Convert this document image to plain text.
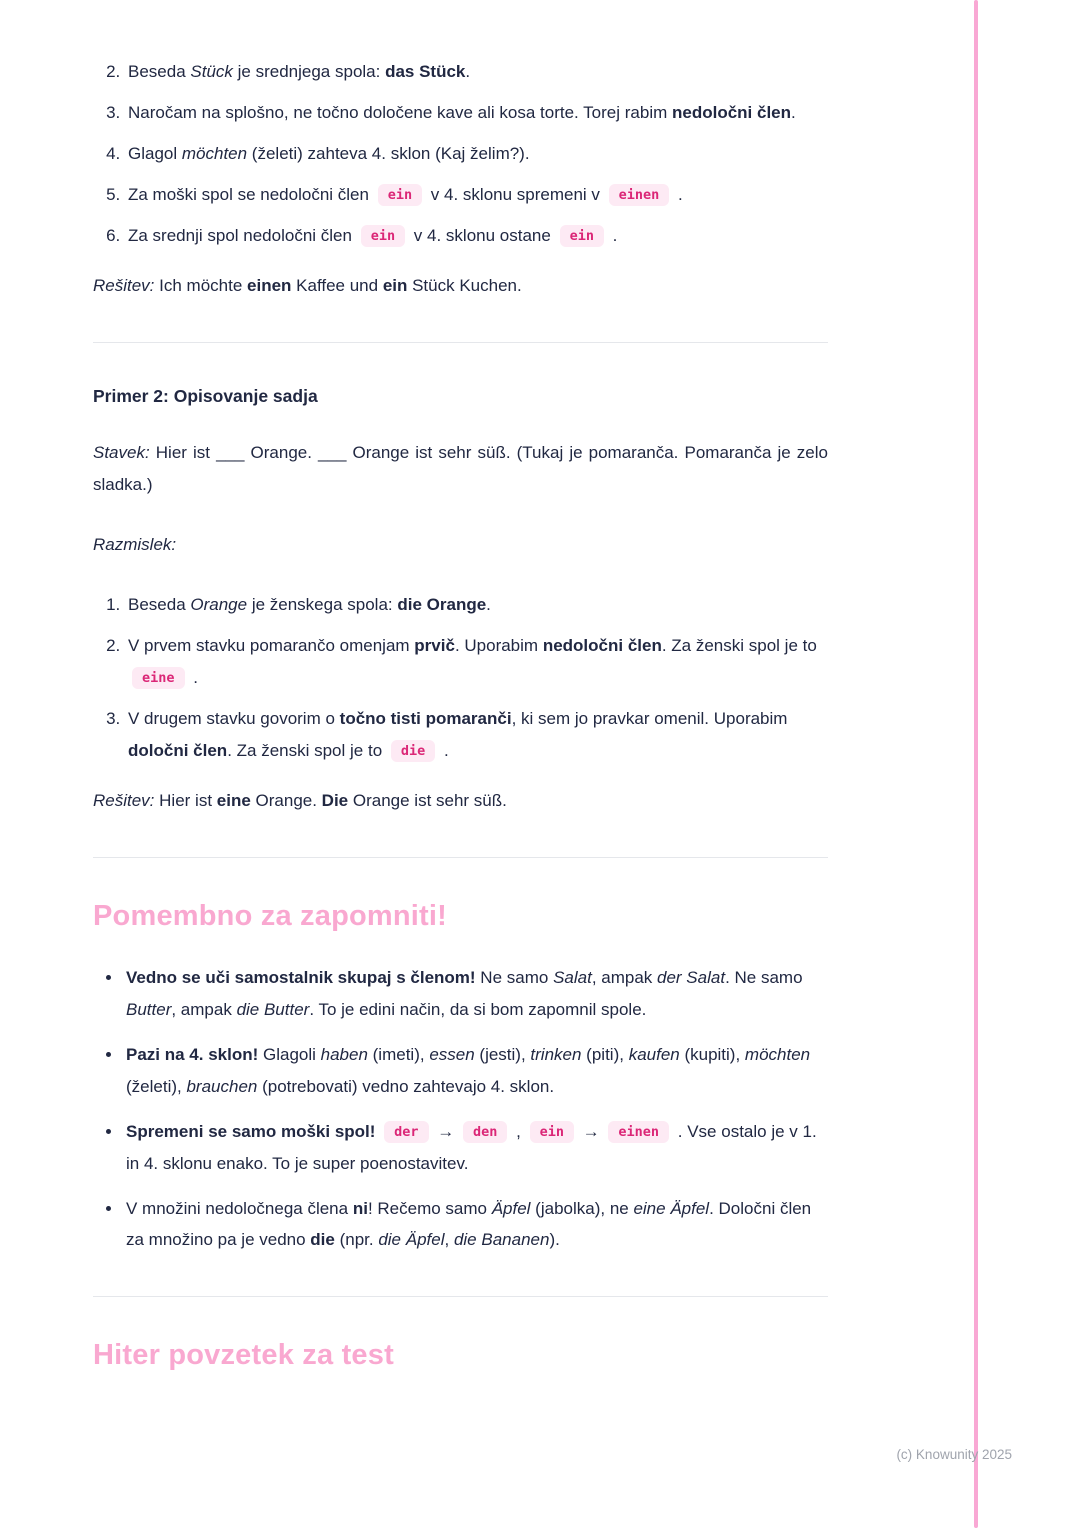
2. Beseda Stück je srednjega spola: das Stück.
3. Naročam na splošno, ne točno določene kave ali kosa torte. Torej rabim nedoločni člen.
4. Glagol möchten (želeti) zahteva 4. sklon (Kaj želim?).
5. Za moški spol se nedoločni člen ein v 4. sklonu spremeni v einen .
6. Za srednji spol nedoločni člen ein v 4. sklonu ostane ein .

Rešitev: Ich möchte einen Kaffee und ein Stück Kuchen.

Primer 2: Opisovanje sadja

Stavek: Hier ist ___ Orange. ___ Orange ist sehr süß. (Tukaj je pomaranča. Pomaranča je zelo sladka.)

Razmislek:

1. Beseda Orange je ženskega spola: die Orange.
2. V prvem stavku pomarančo omenjam prvič. Uporabim nedoločni člen. Za ženski spol je to eine .
3. V drugem stavku govorim o točno tisti pomaranči, ki sem jo pravkar omenil. Uporabim določni člen. Za ženski spol je to die .

Rešitev: Hier ist eine Orange. Die Orange ist sehr süß.

Pomembno za zapomniti!
• Vedno se uči samostalnik skupaj s členom! Ne samo Salat, ampak der Salat. Ne samo Butter, ampak die Butter. To je edini način, da si bom zapomnil spole.
• Pazi na 4. sklon! Glagoli haben (imeti), essen (jesti), trinken (piti), kaufen (kupiti), möchten (želeti), brauchen (potrebovati) vedno zahtevajo 4. sklon.
• Spremeni se samo moški spol! der → den , ein → einen . Vse ostalo je v 1. in 4. sklonu enako. To je super poenostavitev.
• V množini nedoločnega člena ni! Rečemo samo Äpfel (jabolka), ne eine Äpfel. Določni člen za množino pa je vedno die (npr. die Äpfel, die Bananen).
Hiter povzetek za test
(c) Knowunity 2025
